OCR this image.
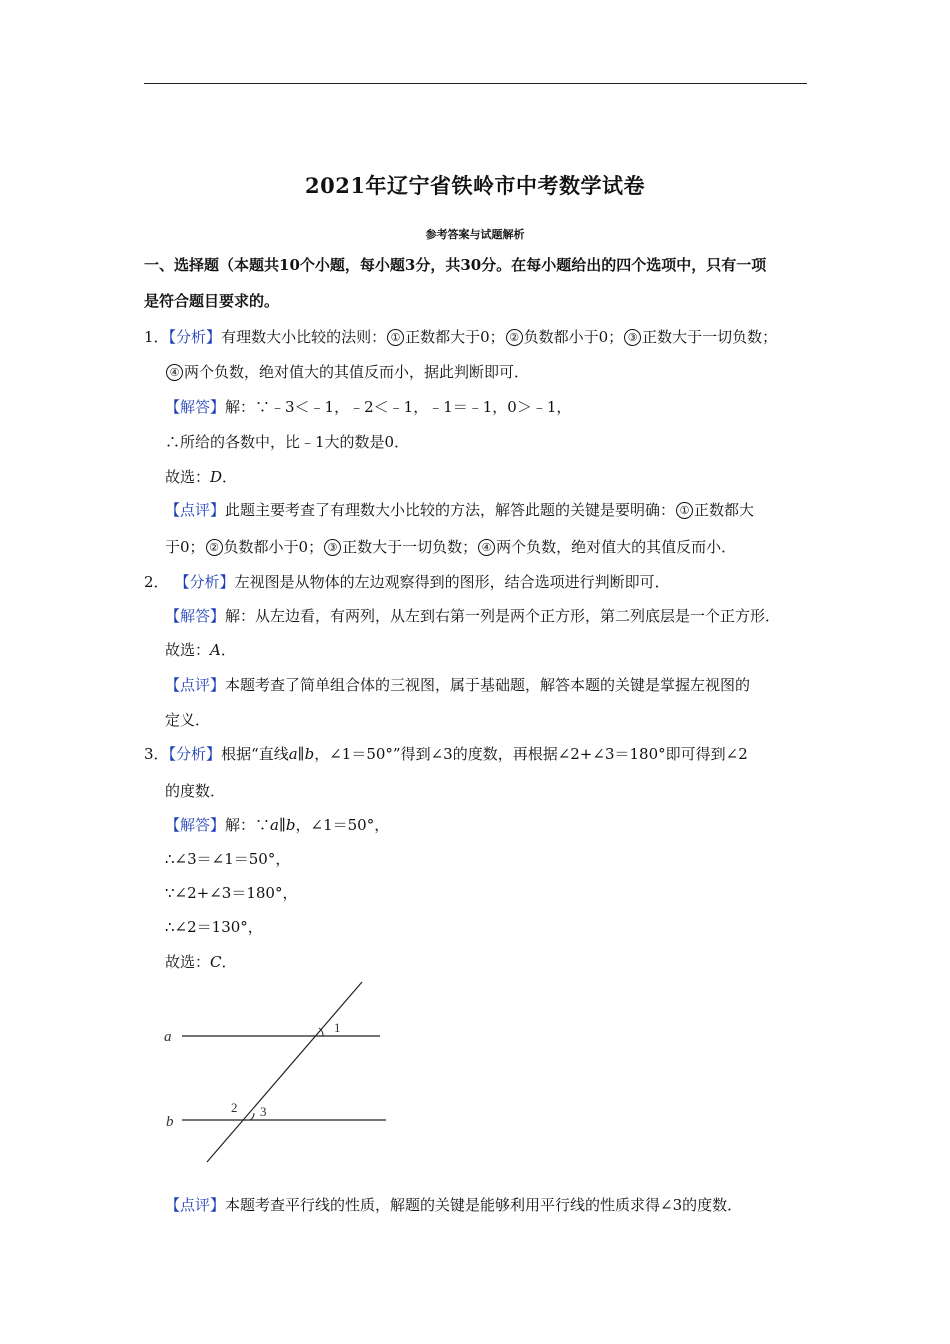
2021年辽宁省铁岭市中考数学试卷
参考答案与试题解析
一、选择题（本题共10个小题，每小题3分，共30分。在每小题给出的四个选项中，只有一项
是符合题目要求的。
1．【分析】有理数大小比较的法则： ① 正数都大于0； ② 负数都小于0； ③ 正数大于一切负数；
④ 两个负数，绝对值大的其值反而小，据此判断即可．
【解答】解：∵﹣3＜﹣1，﹣2＜﹣1，﹣1＝﹣1，0＞﹣1，
∴所给的各数中，比﹣1大的数是0．
故选：D．
【点评】此题主要考查了有理数大小比较的方法，解答此题的关键是要明确： ① 正数都大
于0； ② 负数都小于0； ③ 正数大于一切负数； ④ 两个负数，绝对值大的其值反而小．
2． 【分析】左视图是从物体的左边观察得到的图形，结合选项进行判断即可．
【解答】解：从左边看，有两列，从左到右第一列是两个正方形，第二列底层是一个正方形．
故选：A．
【点评】本题考查了简单组合体的三视图，属于基础题，解答本题的关键是掌握左视图的
定义．
3．【分析】根据“直线a∥b，∠1＝50°”得到∠3的度数，再根据∠2+∠3＝180°即可得到∠2
的度数．
【解答】解：∵a∥b，∠1＝50°，
∴∠3＝∠1＝50°，
∵∠2+∠3＝180°，
∴∠2＝130°，
故选：C．
a
b
1
2 3
【点评】本题考查平行线的性质，解题的关键是能够利用平行线的性质求得∠3的度数．
